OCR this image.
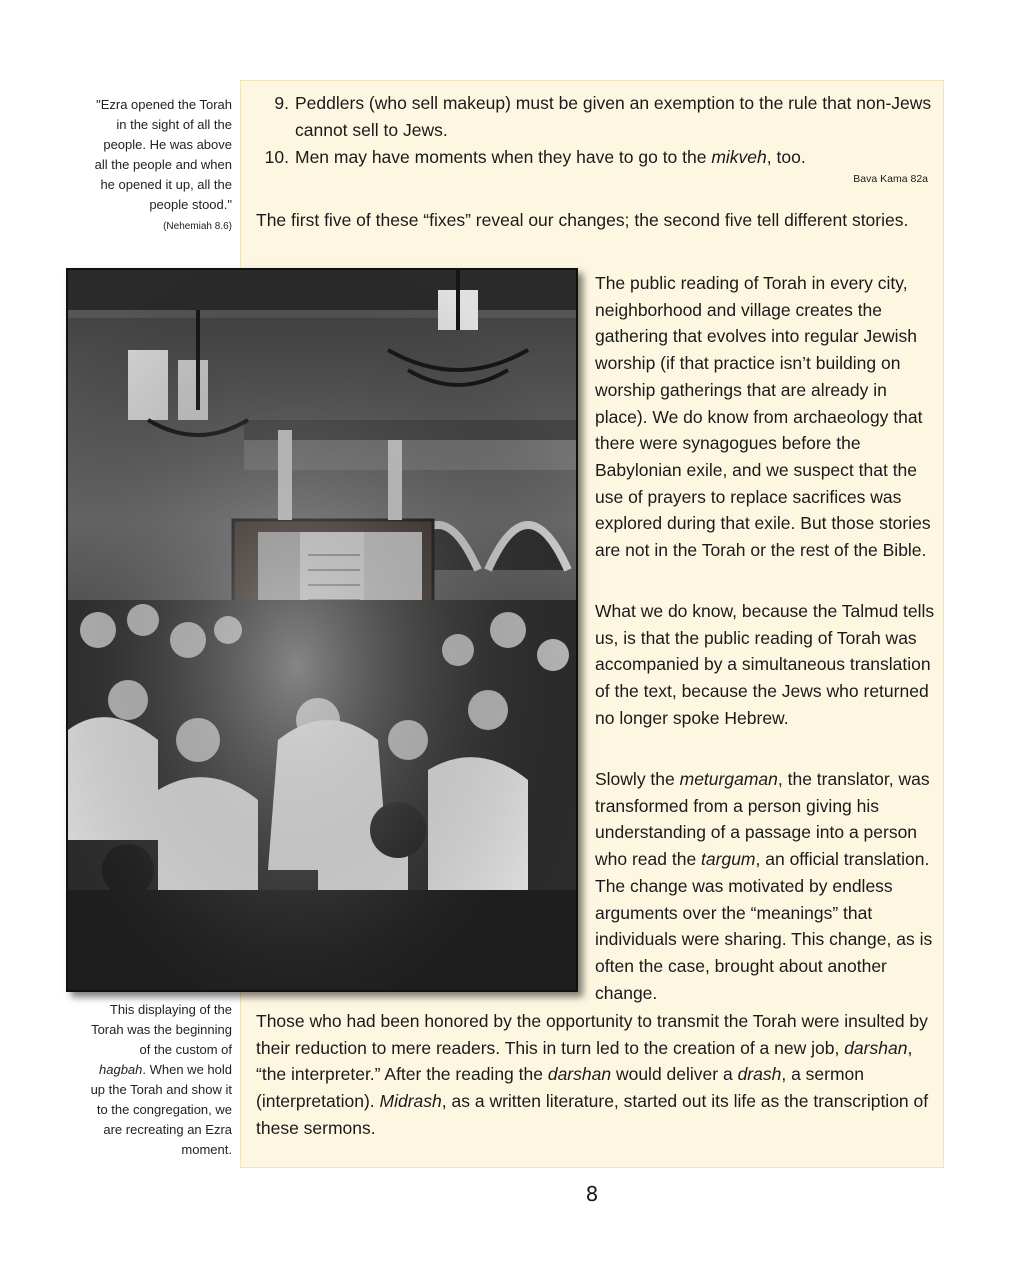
"Ezra opened the Torah in the sight of all the people. He was above all the people and when he opened it up, all the people stood."
(Nehemiah 8.6)
9. Peddlers (who sell makeup) must be given an exemption to the rule that non-Jews cannot sell to Jews.
10. Men may have moments when they have to go to the mikveh, too.
Bava Kama 82a

The first five of these “fixes” reveal our changes; the second five tell different stories.

The public reading of Torah in every city, neighborhood and village creates the gathering that evolves into regular Jewish worship (if that practice isn’t building on worship gatherings that are already in place). We do know from archaeology that there were synagogues before the Babylonian exile, and we suspect that the use of prayers to replace sacrifices was explored during that exile. But those stories are not in the Torah or the rest of the Bible.

What we do know, because the Talmud tells us, is that the public reading of Torah was accompanied by a simultaneous translation of the text, because the Jews who returned no longer spoke Hebrew.

Slowly the meturgaman, the translator, was transformed from a person giving his understanding of a passage into a person who read the targum, an official translation. The change was motivated by endless arguments over the “meanings” that individuals were sharing. This change, as is often the case, brought about another change.

Those who had been honored by the opportunity to transmit the Torah were insulted by their reduction to mere readers. This in turn led to the creation of a new job, darshan, “the interpreter.” After the reading the darshan would deliver a drash, a sermon (interpretation). Midrash, as a written literature, started out its life as the transcription of these sermons.

This displaying of the Torah was the beginning of the custom of hagbah. When we hold up the Torah and show it to the congregation, we are recreating an Ezra moment.
8
